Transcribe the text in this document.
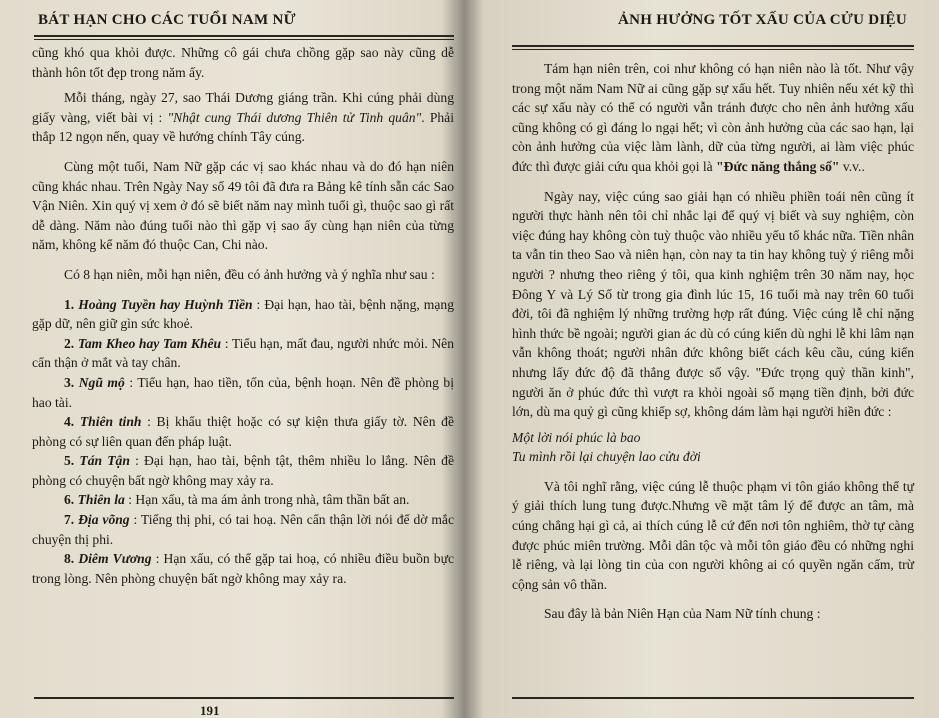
BÁT HẠN CHO CÁC TUỔI NAM NỮ

cũng khó qua khỏi được. Những cô gái chưa chồng gặp sao này cũng dễ thành hôn tốt đẹp trong năm ấy.

Mỗi tháng, ngày 27, sao Thái Dương giáng trần. Khi cúng phải dùng giấy vàng, viết bài vị : "Nhật cung Thái dương Thiên tử Tinh quân". Phải thắp 12 ngọn nến, quay về hướng chính Tây cúng.

Cùng một tuổi, Nam Nữ gặp các vị sao khác nhau và do đó hạn niên cũng khác nhau. Trên Ngày Nay số 49 tôi đã đưa ra Bảng kê tính sẵn các Sao Vận Niên. Xin quý vị xem ở đó sẽ biết năm nay mình tuổi gì, thuộc sao gì rất dễ dàng. Năm nào đúng tuổi nào thì gặp vị sao ấy cùng hạn niên của từng năm, không kể năm đó thuộc Can, Chi nào.

Có 8 hạn niên, mỗi hạn niên, đều có ảnh hưởng và ý nghĩa như sau :

1. Hoàng Tuyền hay Huỳnh Tiền : Đại hạn, hao tài, bệnh nặng, mạng gặp dữ, nên giữ gìn sức khoẻ.

2. Tam Kheo hay Tam Khêu : Tiểu hạn, mất đau, người nhức mỏi. Nên cẩn thận ở mắt và tay chân.

3. Ngũ mộ : Tiểu hạn, hao tiền, tốn của, bệnh hoạn. Nên đề phòng bị hao tài.

4. Thiên tinh : Bị khẩu thiệt hoặc có sự kiện thưa giấy tờ. Nên đề phòng có sự liên quan đến pháp luật.

5. Tán Tận : Đại hạn, hao tài, bệnh tật, thêm nhiều lo lắng. Nên đề phòng có chuyện bất ngờ không may xảy ra.

6. Thiên la : Hạn xấu, tà ma ám ảnh trong nhà, tâm thần bất an.

7. Địa võng : Tiếng thị phi, có tai hoạ. Nên cẩn thận lời nói để dờ mắc chuyện thị phi.

8. Diêm Vương : Hạn xấu, có thể gặp tai hoạ, có nhiều điều buồn bực trong lòng. Nên phòng chuyện bất ngờ không may xảy ra.

191
ẢNH HƯỞNG TỐT XẤU CỦA CỬU DIỆU

Tám hạn niên trên, coi như không có hạn niên nào là tốt. Như vậy trong một năm Nam Nữ ai cũng gặp sự xấu hết. Tuy nhiên nếu xét kỹ thì các sự xấu này có thể có người vẫn tránh được cho nên ảnh hưởng xấu cũng không có gì đáng lo ngại hết; vì còn ảnh hưởng của các sao hạn, lại còn ảnh hưởng của việc làm lành, dữ của từng người, ai làm việc phúc đức thì được giải cứu qua khỏi gọi là "Đức năng thắng số" v.v..

Ngày nay, việc cúng sao giải hạn có nhiều phiền toái nên cũng ít người thực hành nên tôi chỉ nhắc lại để quý vị biết và suy nghiệm, còn việc đúng hay không còn tuỳ thuộc vào nhiều yếu tố khác nữa. Tiền nhân ta vẫn tin theo Sao và niên hạn, còn nay ta tin hay không tuỳ ý riêng mỗi người ? nhưng theo riêng ý tôi, qua kinh nghiệm trên 30 năm nay, học Đông Y và Lý Số từ trong gia đình lúc 15, 16 tuổi mà nay trên 60 tuổi đời, tôi đã nghiệm lý những trường hợp rất đúng. Việc cúng lễ chỉ nặng hình thức bề ngoài; người gian ác dù có cúng kiến dù nghi lễ khi lâm nạn vẫn không thoát; người nhân đức không biết cách kêu cầu, cúng kiến nhưng lấy đức độ đã thắng được số vậy. "Đức trọng quỷ thần kinh", người ăn ở phúc đức thì vượt ra khỏi ngoài số mạng tiền định, bởi đức lớn, dù ma quỷ gì cũng khiếp sợ, không dám làm hại người hiền đức :

Một lời nói phúc là bao

Tu mình rồi lại chuyện lao cửu đời

Và tôi nghĩ rằng, việc cúng lễ thuộc phạm vi tôn giáo không thể tự ý giải thích lung tung được.Nhưng về mặt tâm lý để được an tâm, mà cúng chẳng hại gì cả, ai thích cúng lễ cứ đến nơi tôn nghiêm, thờ tự càng được phúc miên trường. Mỗi dân tộc và mỗi tôn giáo đều có những nghi lễ riêng, và lại lòng tin của con người không ai có quyền ngăn cấm, trừ cộng sản vô thần.

Sau đây là bản Niên Hạn của Nam Nữ tính chung :
